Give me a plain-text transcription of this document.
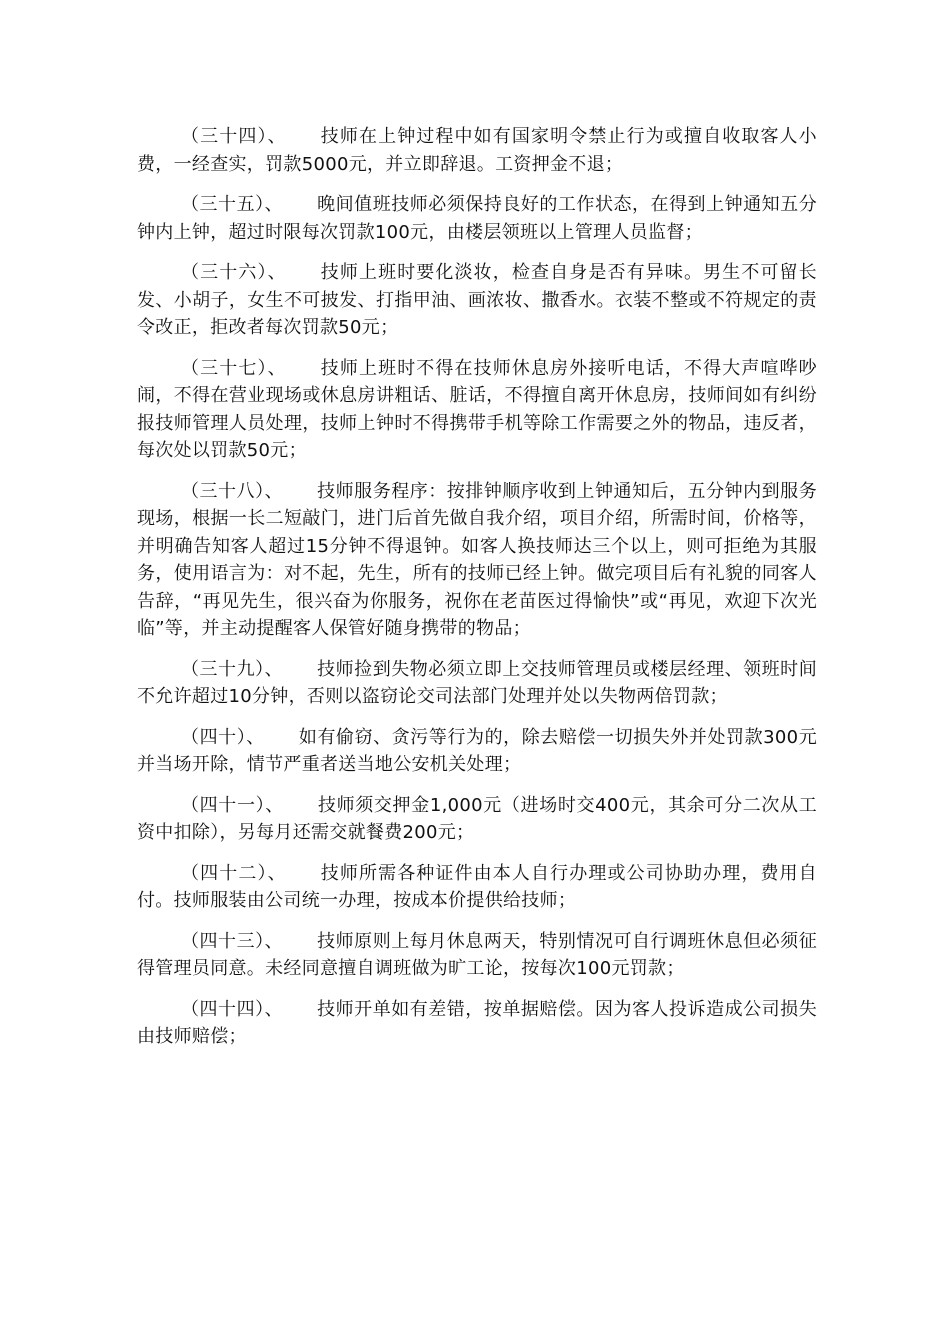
（三十四）、 技师在上钟过程中如有国家明令禁止行为或擅自收取客人小费，一经查实，罚款5000元，并立即辞退。工资押金不退；

（三十五）、 晚间值班技师必须保持良好的工作状态，在得到上钟通知五分钟内上钟，超过时限每次罚款100元，由楼层领班以上管理人员监督；

（三十六）、 技师上班时要化淡妆，检查自身是否有异味。男生不可留长发、小胡子，女生不可披发、打指甲油、画浓妆、撒香水。衣装不整或不符规定的责令改正，拒改者每次罚款50元；

（三十七）、 技师上班时不得在技师休息房外接听电话，不得大声喧哗吵闹，不得在营业现场或休息房讲粗话、脏话，不得擅自离开休息房，技师间如有纠纷报技师管理人员处理，技师上钟时不得携带手机等除工作需要之外的物品，违反者，每次处以罚款50元；

（三十八）、 技师服务程序：按排钟顺序收到上钟通知后，五分钟内到服务现场，根据一长二短敲门，进门后首先做自我介绍，项目介绍，所需时间，价格等，并明确告知客人超过15分钟不得退钟。如客人换技师达三个以上，则可拒绝为其服务，使用语言为：对不起，先生，所有的技师已经上钟。做完项目后有礼貌的同客人告辞，“再见先生，很兴奋为你服务，祝你在老苗医过得愉快”或“再见，欢迎下次光临”等，并主动提醒客人保管好随身携带的物品；

（三十九）、 技师捡到失物必须立即上交技师管理员或楼层经理、领班时间不允许超过10分钟，否则以盗窃论交司法部门处理并处以失物两倍罚款；

（四十）、 如有偷窃、贪污等行为的，除去赔偿一切损失外并处罚款300元并当场开除，情节严重者送当地公安机关处理；

（四十一）、 技师须交押金1,000元（进场时交400元，其余可分二次从工资中扣除），另每月还需交就餐费200元；

（四十二）、 技师所需各种证件由本人自行办理或公司协助办理，费用自付。技师服装由公司统一办理，按成本价提供给技师；

（四十三）、 技师原则上每月休息两天，特别情况可自行调班休息但必须征得管理员同意。未经同意擅自调班做为旷工论，按每次100元罚款；

（四十四）、 技师开单如有差错，按单据赔偿。因为客人投诉造成公司损失由技师赔偿；
